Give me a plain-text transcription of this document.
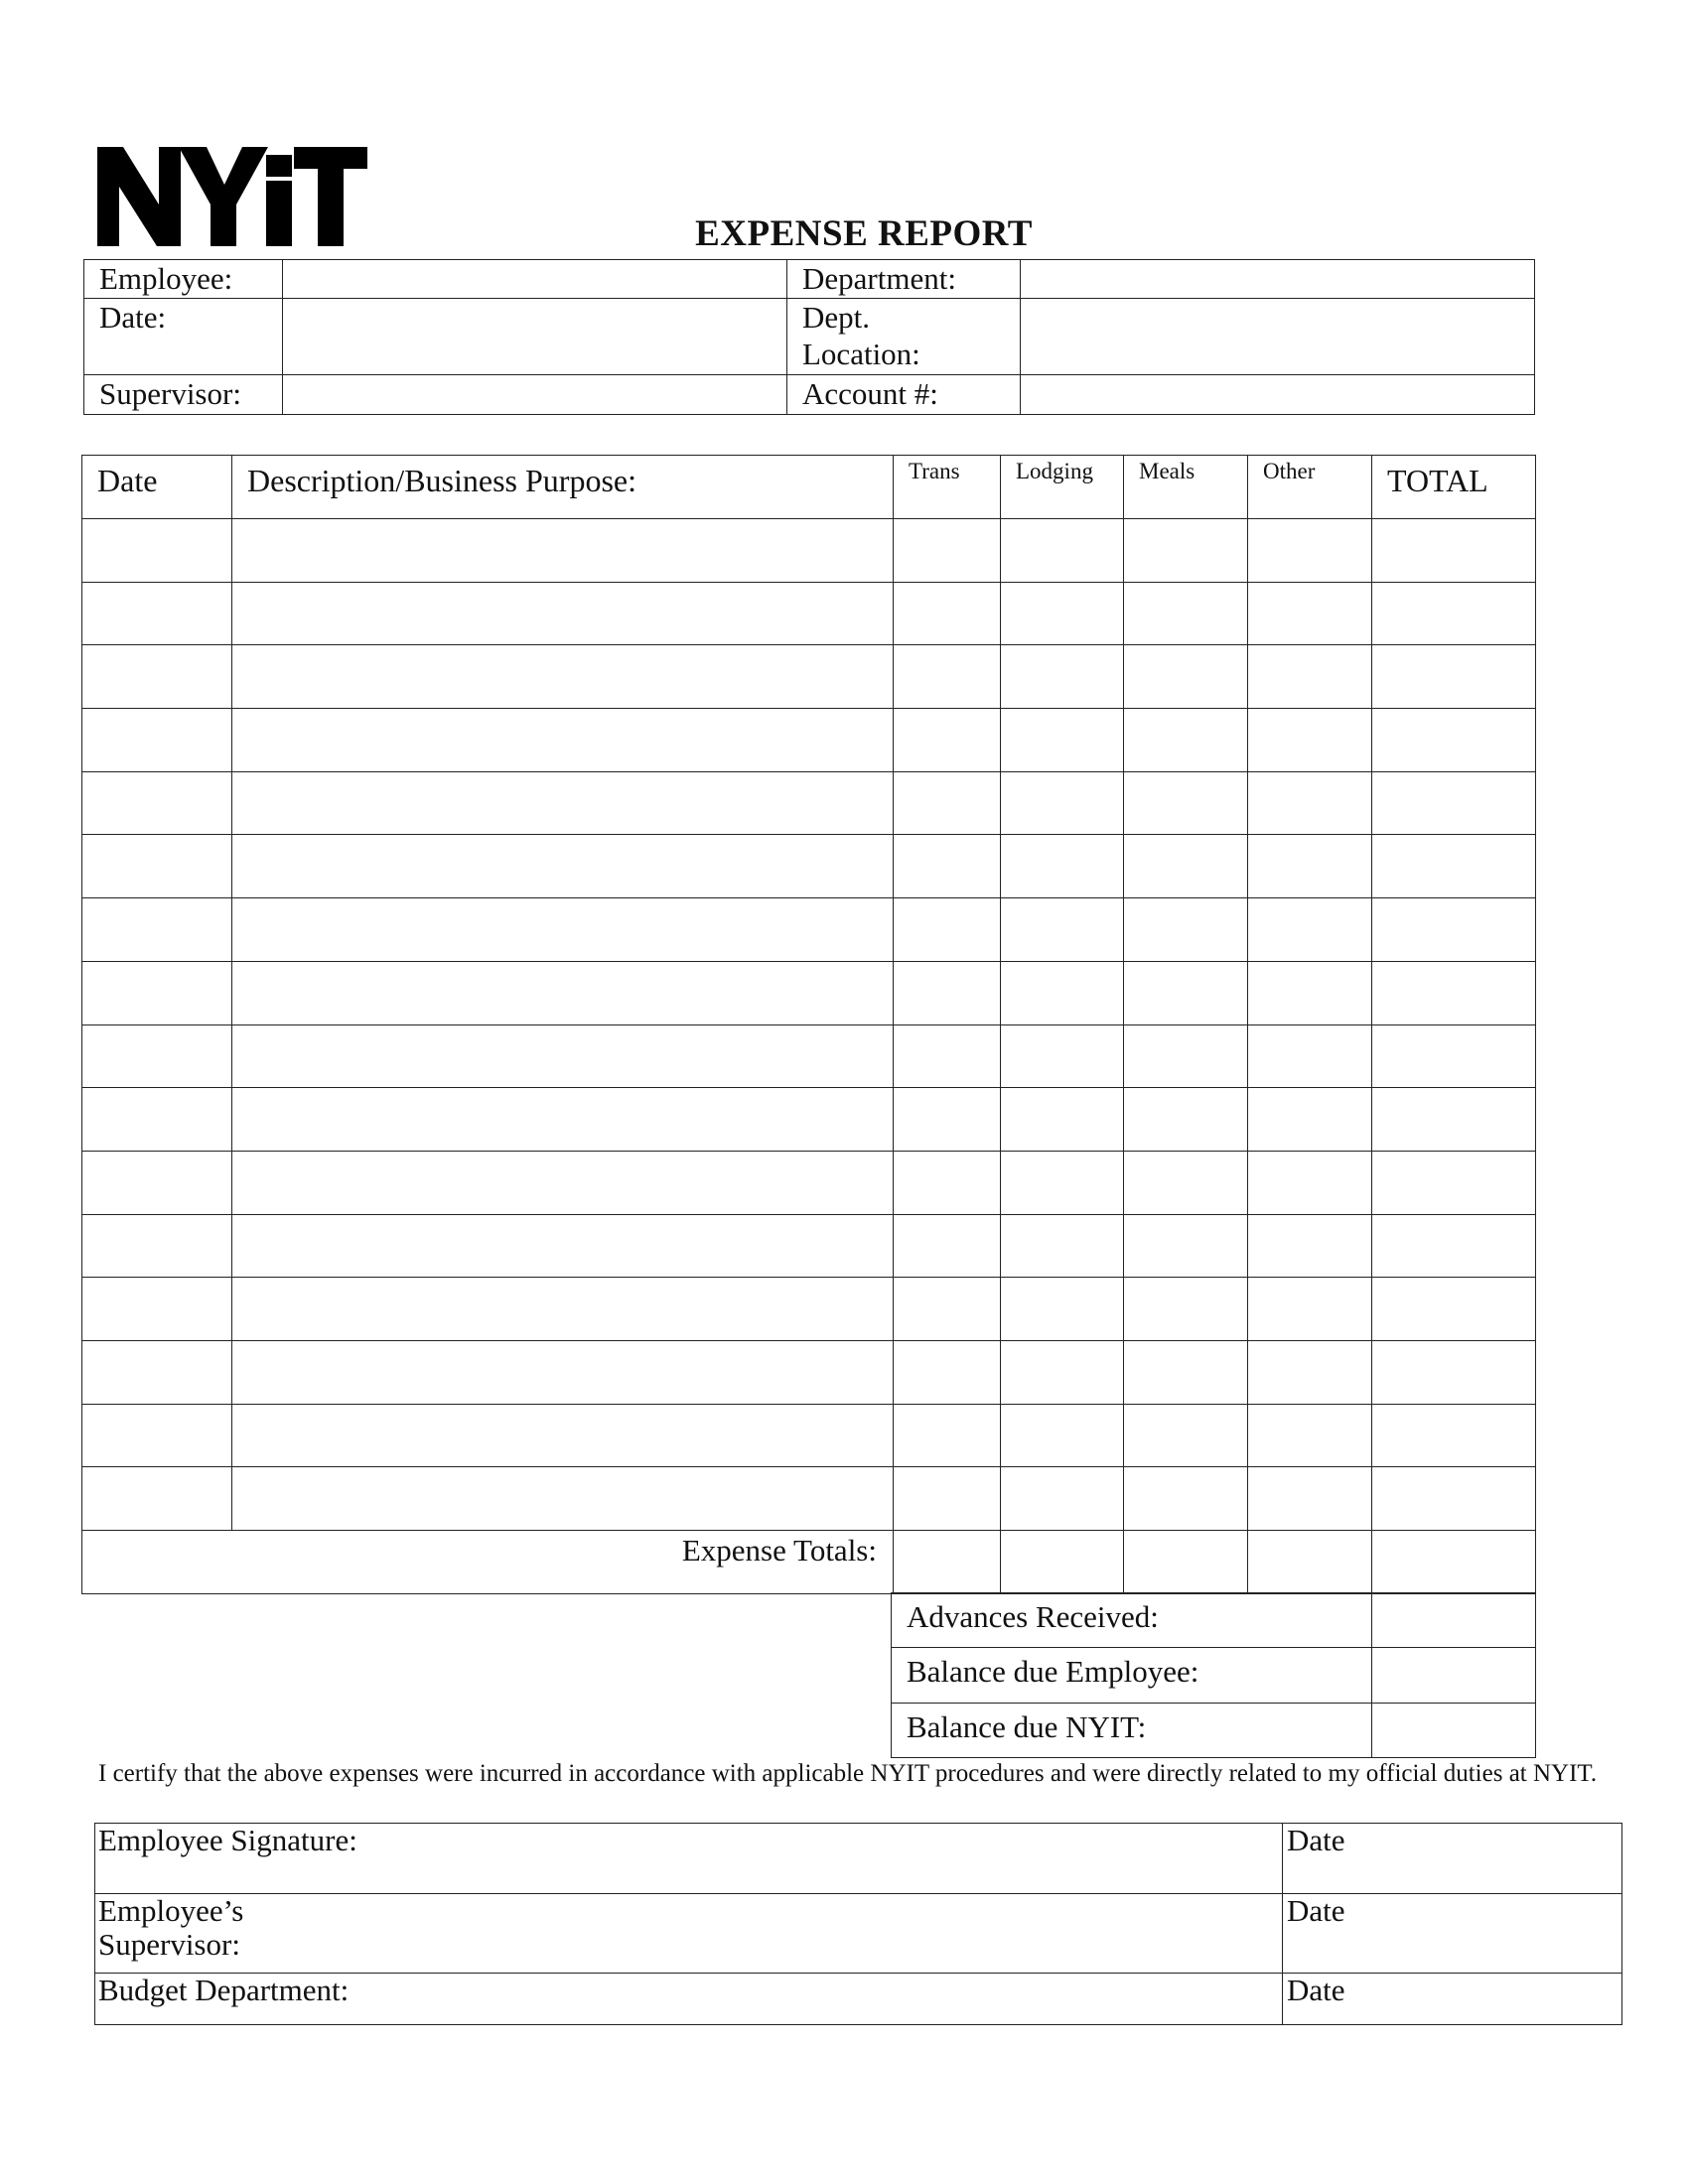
EXPENSE REPORT
Employee:		Department:	
Date:		Dept.
Location:	
Supervisor:		Account #:	
Date	Description/Business Purpose:	Trans	Lodging	Meals	Other	TOTAL

Expense Totals:						
Advances Received:	
Balance due Employee:	
Balance due NYIT:	
I certify that the above expenses were incurred in accordance with applicable NYIT procedures and were directly related to my official duties at NYIT.
Employee Signature:	Date
Employee’s
Supervisor:	Date
Budget Department:	Date
